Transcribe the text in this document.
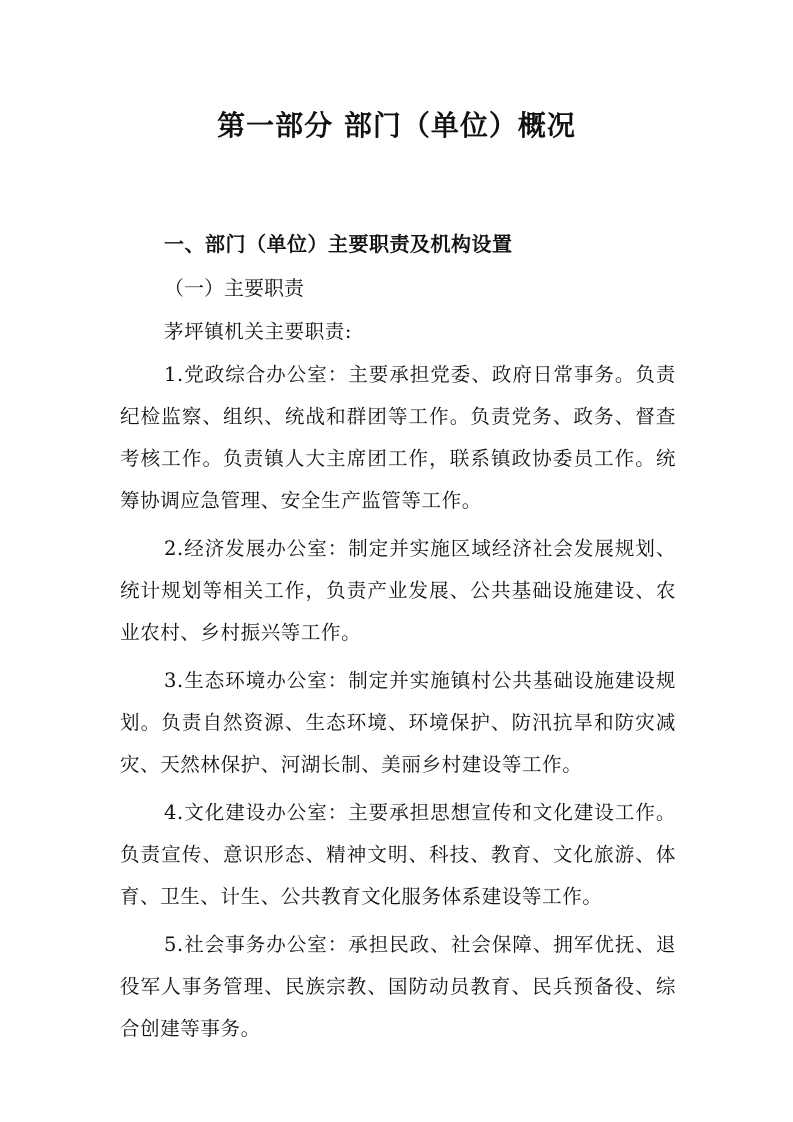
第一部分 部门（单位）概况

一、部门（单位）主要职责及机构设置

（一）主要职责

茅坪镇机关主要职责:

1.党政综合办公室：主要承担党委、政府日常事务。负责纪检监察、组织、统战和群团等工作。负责党务、政务、督查考核工作。负责镇人大主席团工作，联系镇政协委员工作。统筹协调应急管理、安全生产监管等工作。

2.经济发展办公室：制定并实施区域经济社会发展规划、统计规划等相关工作，负责产业发展、公共基础设施建设、农业农村、乡村振兴等工作。

3.生态环境办公室：制定并实施镇村公共基础设施建设规划。负责自然资源、生态环境、环境保护、防汛抗旱和防灾减灾、天然林保护、河湖长制、美丽乡村建设等工作。

4.文化建设办公室：主要承担思想宣传和文化建设工作。负责宣传、意识形态、精神文明、科技、教育、文化旅游、体育、卫生、计生、公共教育文化服务体系建设等工作。

5.社会事务办公室：承担民政、社会保障、拥军优抚、退役军人事务管理、民族宗教、国防动员教育、民兵预备役、综合创建等事务。
